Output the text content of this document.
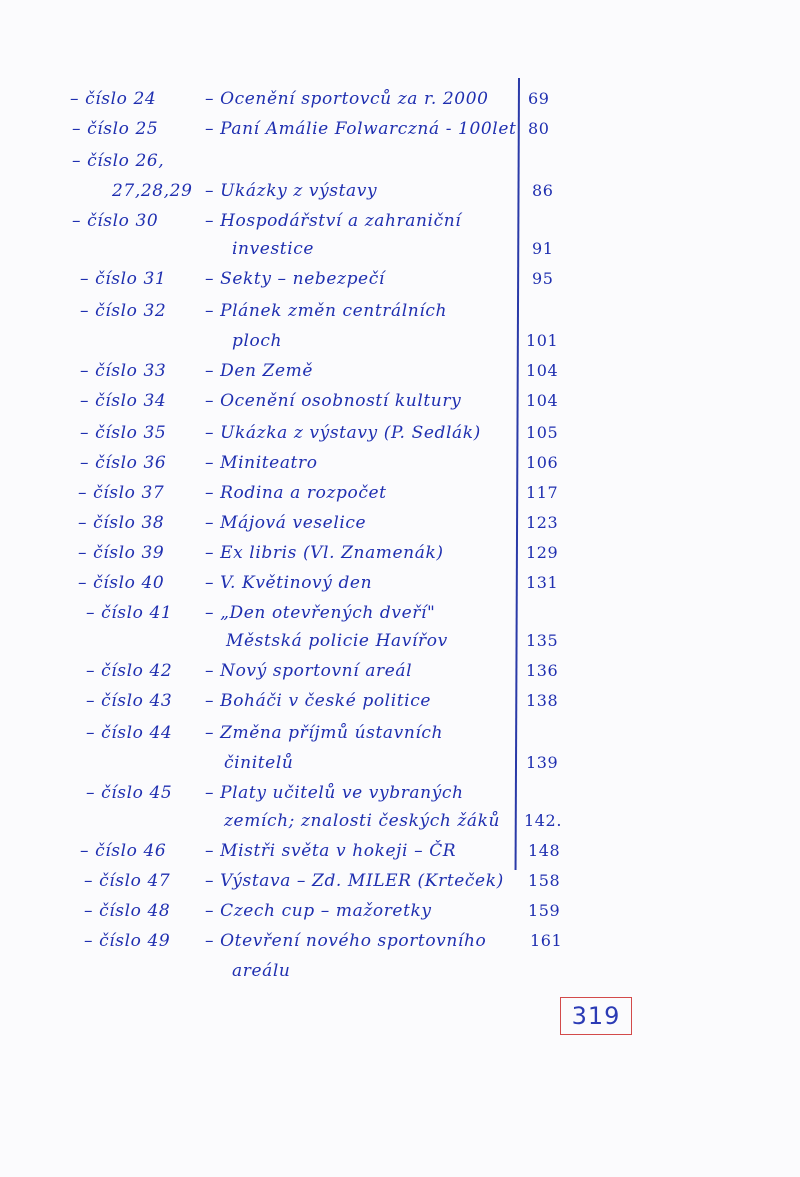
– číslo 24	– Ocenění sportovců za r. 2000 69
– číslo 25	– Paní Amálie Folwarczná - 100let 80
– číslo 26,
27,28,29 – Ukázky z výstavy	86
– číslo 30	– Hospodářství a zahraniční
investice	91
– číslo 31 – Sekty – nebezpečí	95
– číslo 32 – Plánek změn centrálních
ploch	101
– číslo 33 – Den Země	104
– číslo 34 – Ocenění osobností kultury	104
– číslo 35 – Ukázka z výstavy (P. Sedlák)	105
– číslo 36 – Miniteatro	106
– číslo 37 – Rodina a rozpočet	117
– číslo 38 – Májová veselice	123
– číslo 39 – Ex libris (Vl. Znamenák)	129
– číslo 40 – V. Květinový den	131
– číslo 41 – „Den otevřených dveří"
Městská policie Havířov	135
– číslo 42 – Nový sportovní areál	136
– číslo 43 – Boháči v české politice	138
– číslo 44 – Změna příjmů ústavních
činitelů	139
– číslo 45 – Platy učitelů ve vybraných
zemích; znalosti českých žáků 142.
– číslo 46 – Mistři světa v hokeji – ČR	148
– číslo 47 – Výstava – Zd. MILER (Krteček) 158
– číslo 48 – Czech cup – mažoretky	159
– číslo 49 – Otevření nového sportovního	161
areálu
319
